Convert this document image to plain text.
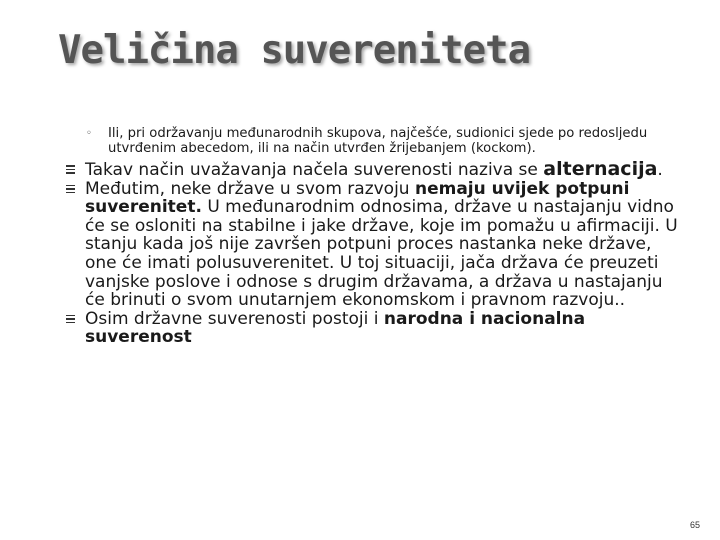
Veličina suvereniteta
◦ Ili, pri održavanju međunarodnih skupova, najčešće, sudionici sjede po redosljedu utvrđenim abecedom, ili na način utvrđen žrijebanjem (kockom).
Takav način uvažavanja načela suverenosti naziva se alternacija.
Međutim, neke države u svom razvoju nemaju uvijek potpuni suverenitet. U međunarodnim odnosima, države u nastajanju vidno će se osloniti na stabilne i jake države, koje im pomažu u afirmaciji. U stanju kada još nije završen potpuni proces nastanka neke države, one će imati polusuverenitet. U toj situaciji, jača država će preuzeti vanjske poslove i odnose s drugim državama, a država u nastajanju će brinuti o svom unutarnjem ekonomskom i pravnom razvoju..
Osim državne suverenosti postoji i narodna i nacionalna suverenost
65
